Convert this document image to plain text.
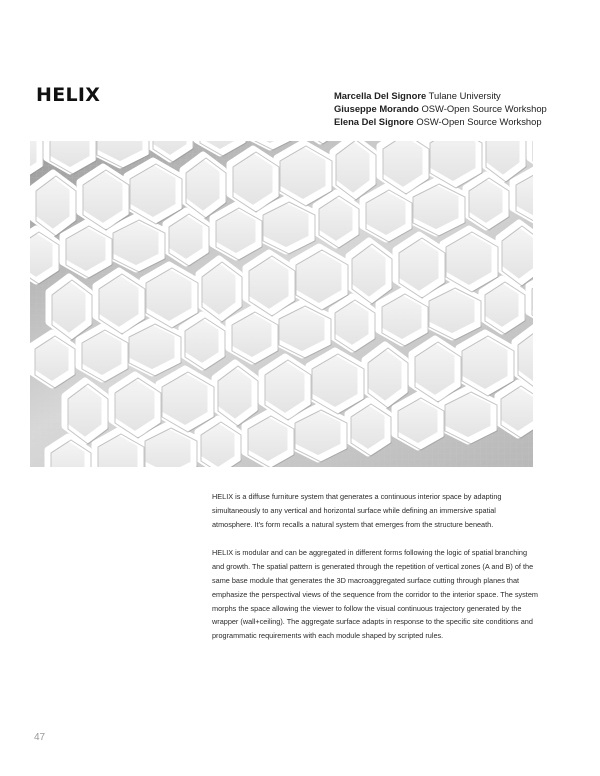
HELIX	Marcella Del Signore Tulane University
Giuseppe Morando OSW-Open Source Workshop
Elena Del Signore OSW-Open Source Workshop

HELIX is a diffuse furniture system that generates a continuous interior space by adapting simultaneously to any vertical and horizontal surface while defining an immersive spatial atmosphere. It's form recalls a natural system that emerges from the structure beneath.

HELIX is modular and can be aggregated in different forms following the logic of spatial branching and growth. The spatial pattern is generated through the repetition of vertical zones (A and B) of the same base module that generates the 3D macroaggregated surface cutting through planes that emphasize the perspectival views of the sequence from the corridor to the interior space. The system morphs the space allowing the viewer to follow the visual continuous trajectory generated by the wrapper (wall+ceiling). The aggregate surface adapts in response to the specific site conditions and programmatic requirements with each module shaped by scripted rules.

47
